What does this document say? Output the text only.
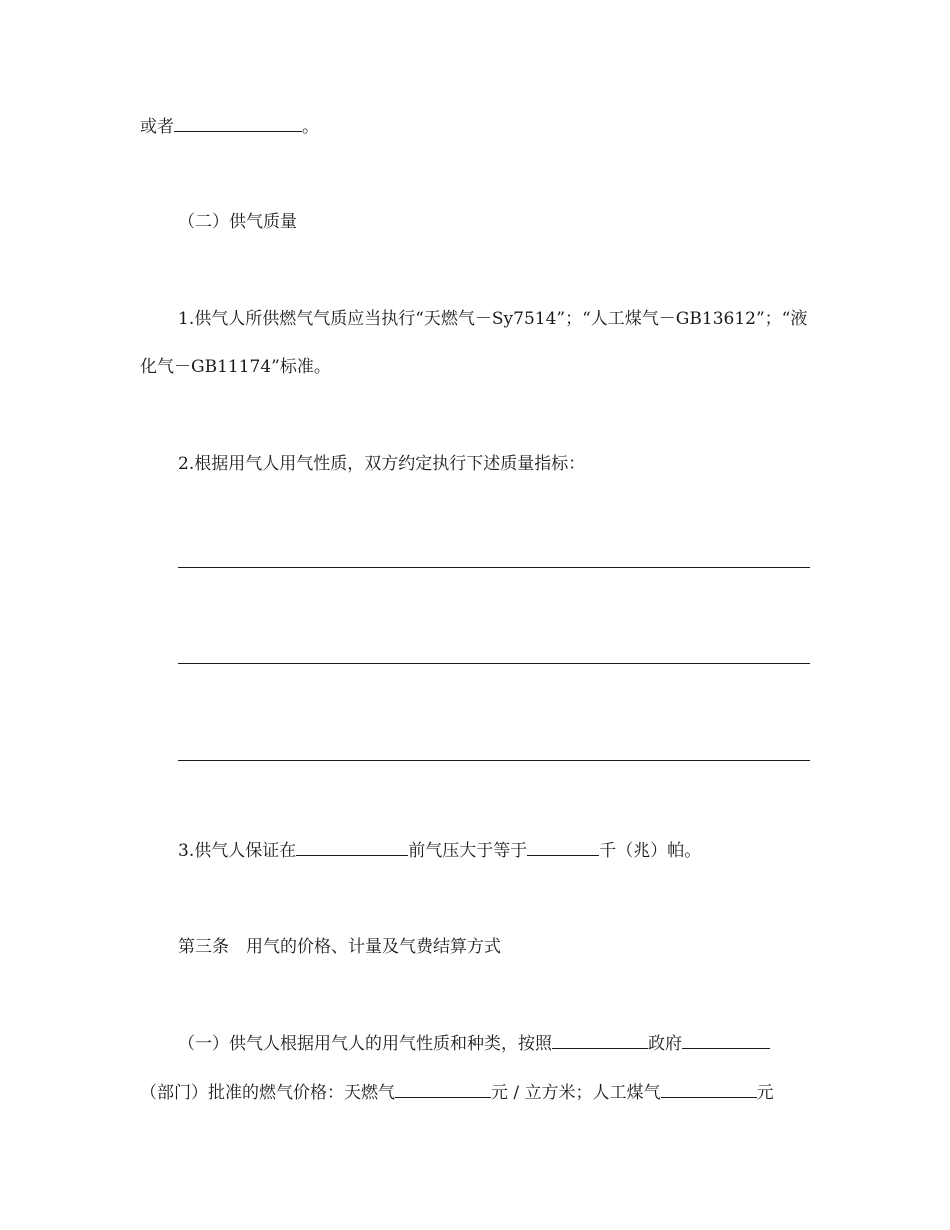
或者	。
（二）供气质量
1.供气人所供燃气气质应当执行“天燃气－Sy7514”；“人工煤气－GB13612”；“液
化气－GB11174”标准。
2.根据用气人用气性质，双方约定执行下述质量指标：
3.供气人保证在	前气压大于等于	千（兆）帕。
第三条　用气的价格、计量及气费结算方式
（一）供气人根据用气人的用气性质和种类，按照	政府
（部门）批准的燃气价格：天燃气	元 / 立方米；人工煤气	元
